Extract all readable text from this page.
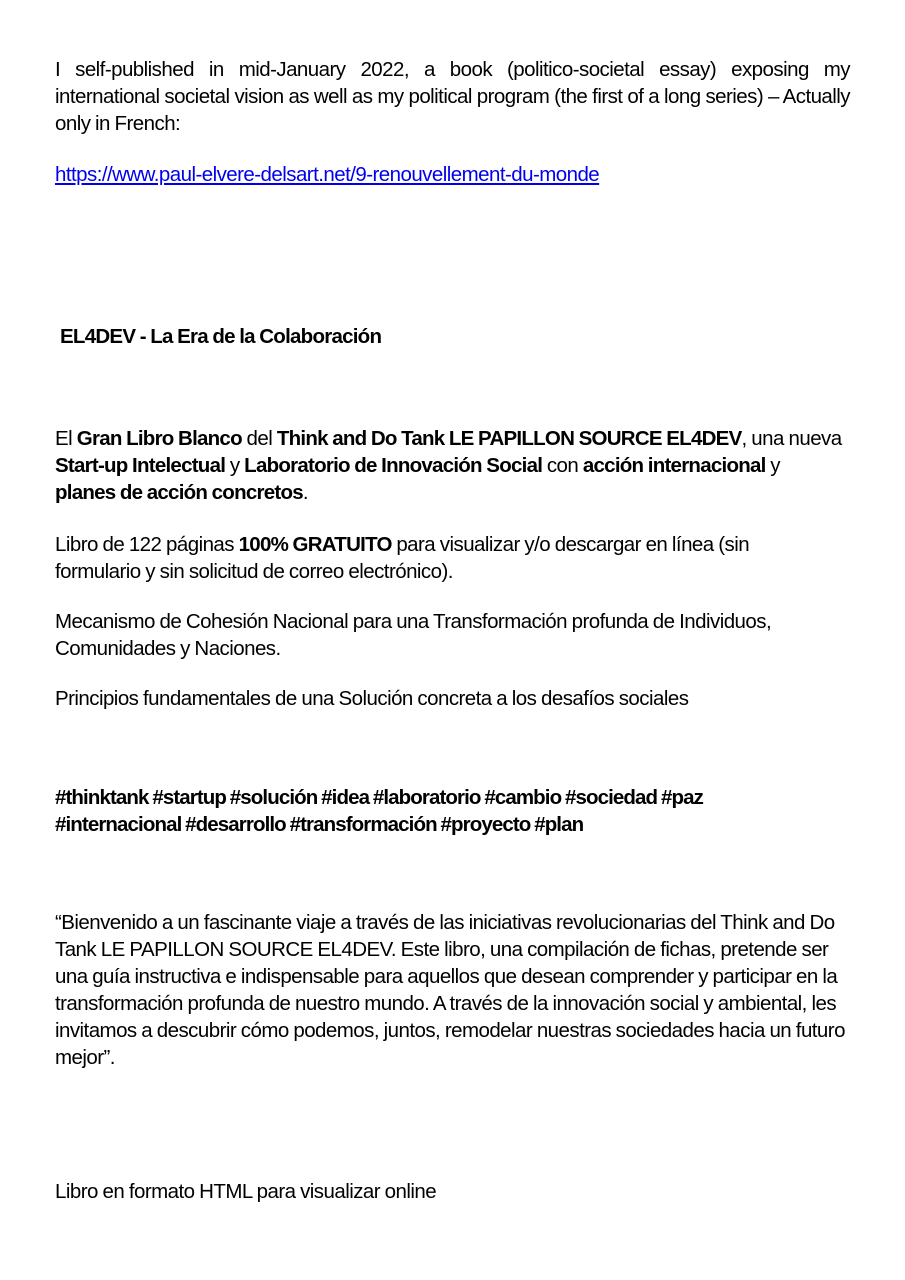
I self-published in mid-January 2022, a book (politico-societal essay) exposing my international societal vision as well as my political program (the first of a long series) – Actually only in French:

https://www.paul-elvere-delsart.net/9-renouvellement-du-monde

EL4DEV - La Era de la Colaboración

El Gran Libro Blanco del Think and Do Tank LE PAPILLON SOURCE EL4DEV, una nueva Start-up Intelectual y Laboratorio de Innovación Social con acción internacional y planes de acción concretos.

Libro de 122 páginas 100% GRATUITO para visualizar y/o descargar en línea (sin formulario y sin solicitud de correo electrónico).

Mecanismo de Cohesión Nacional para una Transformación profunda de Individuos, Comunidades y Naciones.

Principios fundamentales de una Solución concreta a los desafíos sociales

#thinktank #startup #solución #idea #laboratorio #cambio #sociedad #paz
#internacional #desarrollo #transformación #proyecto #plan

“Bienvenido a un fascinante viaje a través de las iniciativas revolucionarias del Think and Do Tank LE PAPILLON SOURCE EL4DEV. Este libro, una compilación de fichas, pretende ser una guía instructiva e indispensable para aquellos que desean comprender y participar en la transformación profunda de nuestro mundo. A través de la innovación social y ambiental, les invitamos a descubrir cómo podemos, juntos, remodelar nuestras sociedades hacia un futuro mejor”.

Libro en formato HTML para visualizar online
